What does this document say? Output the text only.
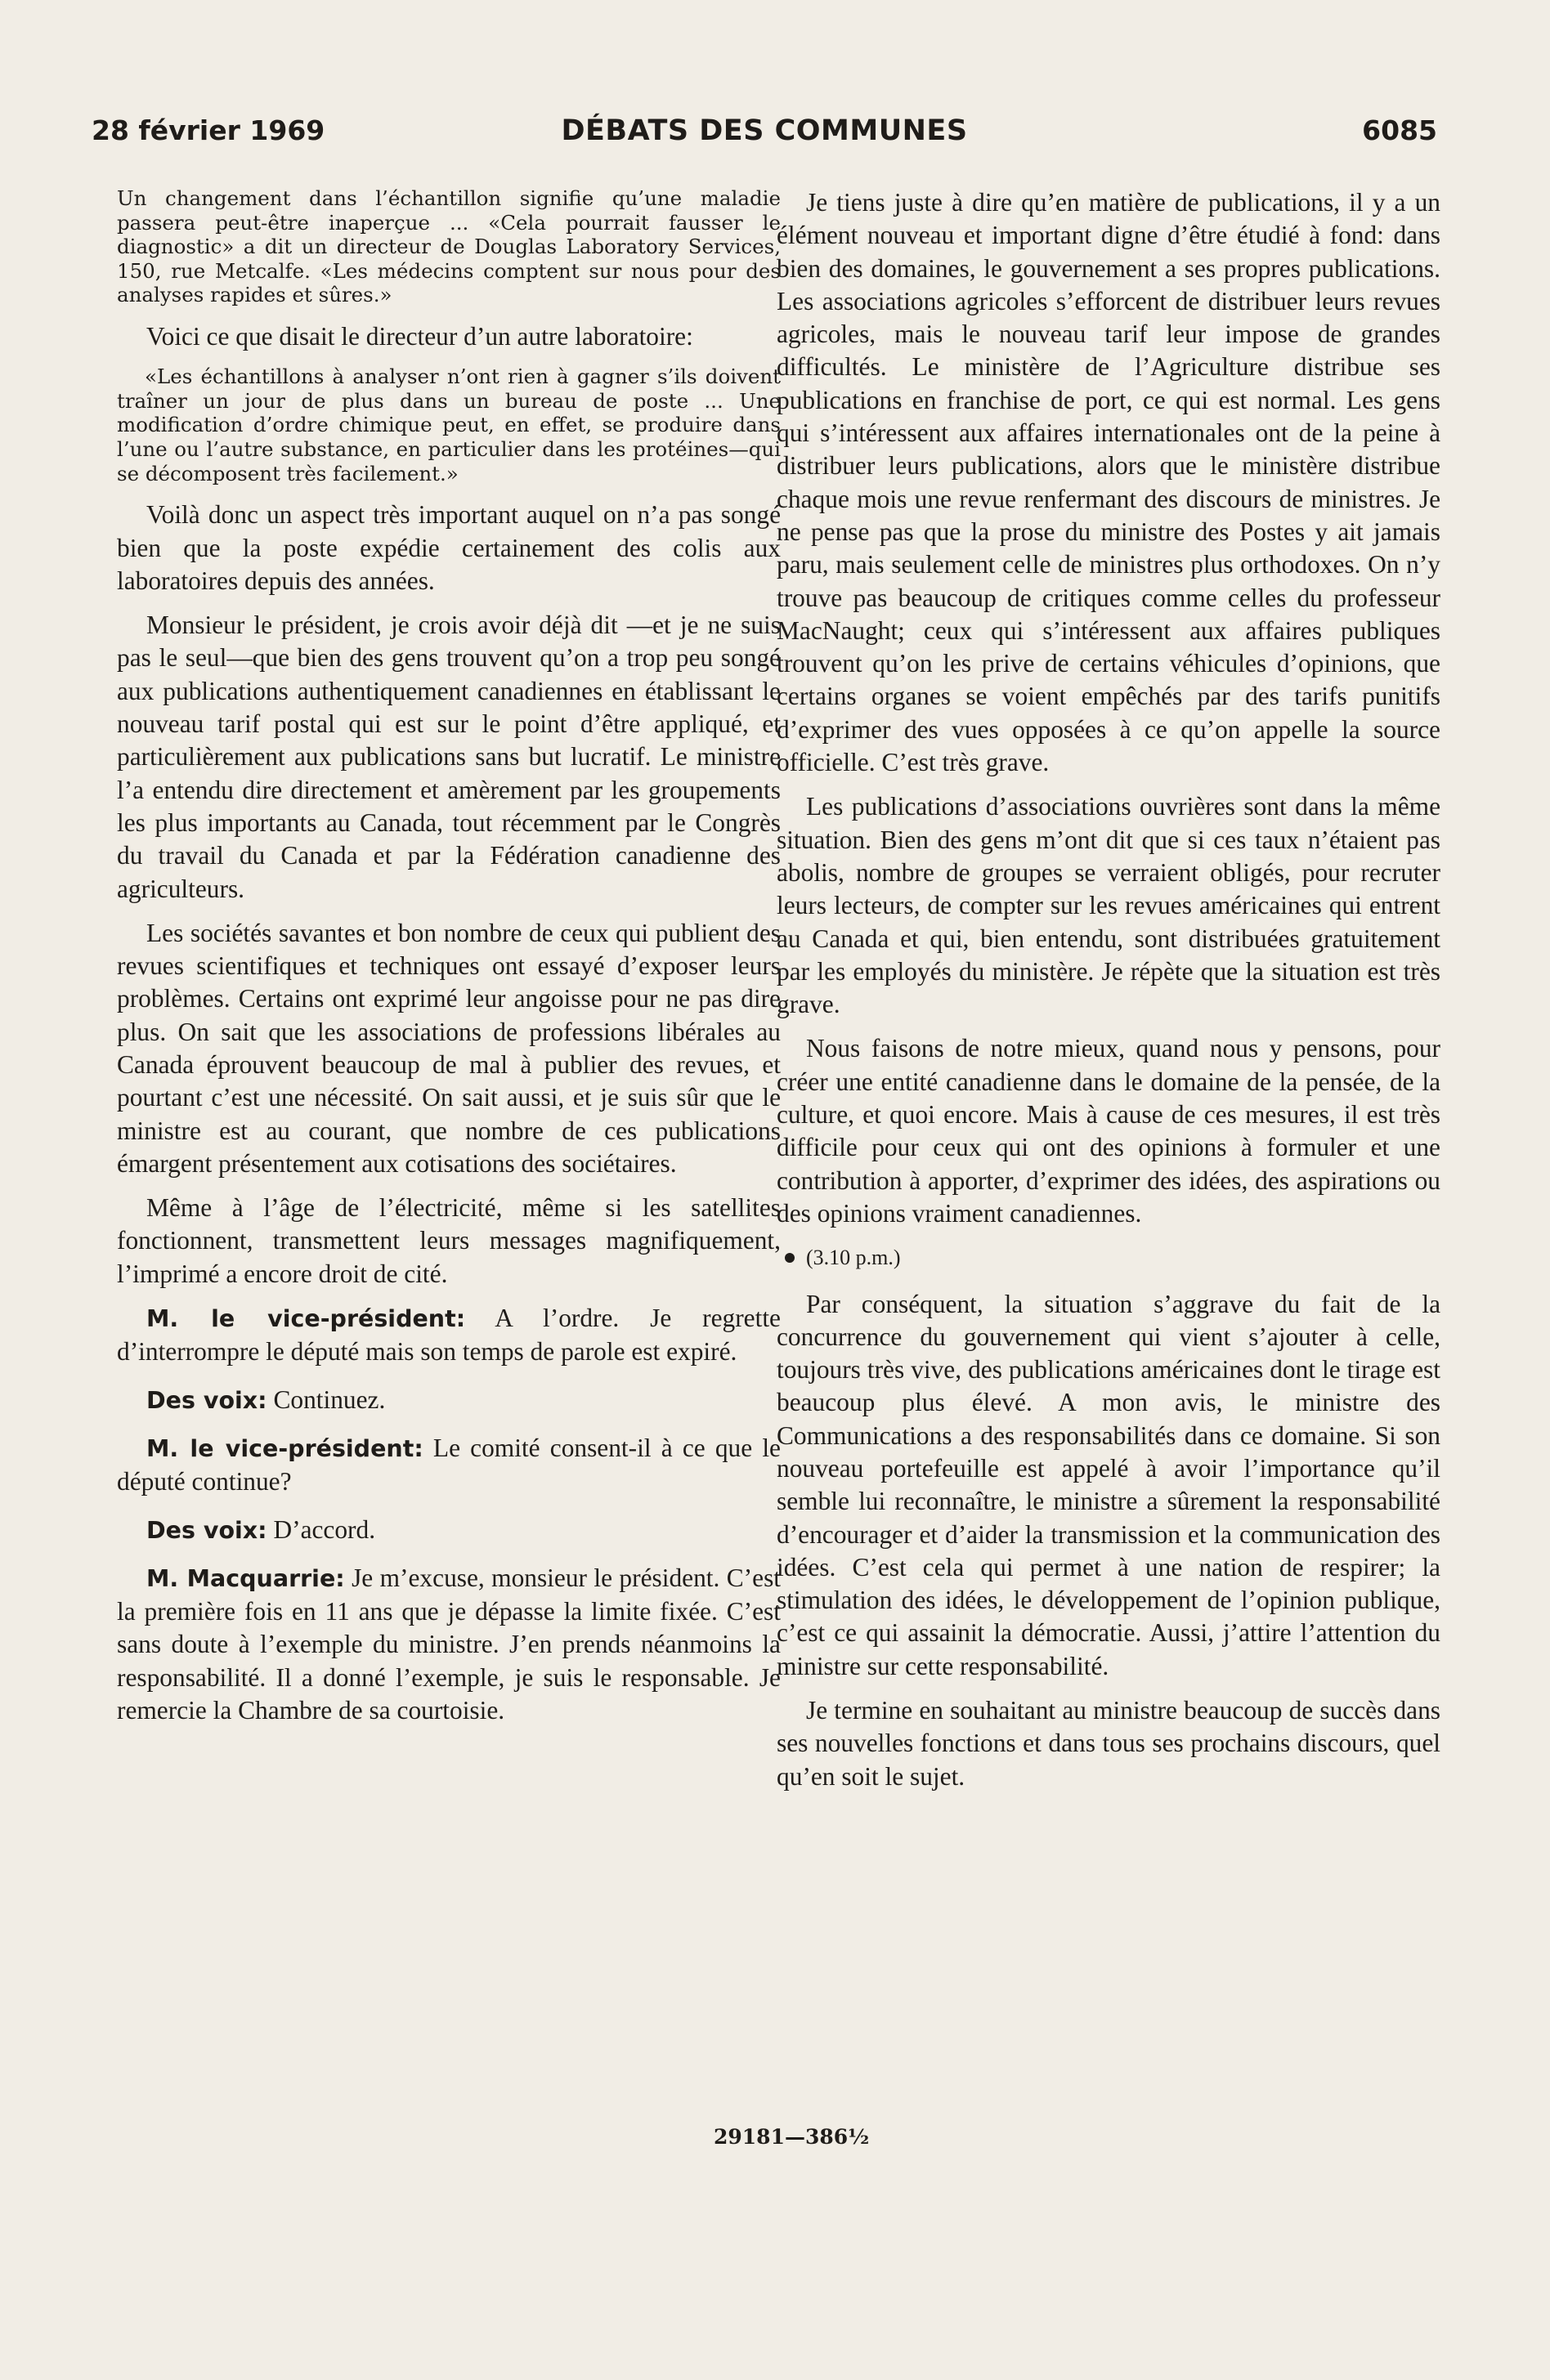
28 février 1969	DÉBATS DES COMMUNES	6085

Un changement dans l’échantillon signifie qu’une maladie passera peut-être inaperçue ... «Cela pourrait fausser le diagnostic» a dit un directeur de Douglas Laboratory Services, 150, rue Metcalfe. «Les médecins comptent sur nous pour des analyses rapides et sûres.»

Voici ce que disait le directeur d’un autre laboratoire:

«Les échantillons à analyser n’ont rien à gagner s’ils doivent traîner un jour de plus dans un bureau de poste ... Une modification d’ordre chimique peut, en effet, se produire dans l’une ou l’autre substance, en particulier dans les protéines—qui se décomposent très facilement.»

Voilà donc un aspect très important auquel on n’a pas songé bien que la poste expédie certainement des colis aux laboratoires depuis des années.

Monsieur le président, je crois avoir déjà dit —et je ne suis pas le seul—que bien des gens trouvent qu’on a trop peu songé aux publications authentiquement canadiennes en établissant le nouveau tarif postal qui est sur le point d’être appliqué, et particulièrement aux publications sans but lucratif. Le ministre l’a entendu dire directement et amèrement par les groupements les plus importants au Canada, tout récemment par le Congrès du travail du Canada et par la Fédération canadienne des agriculteurs.

Les sociétés savantes et bon nombre de ceux qui publient des revues scientifiques et techniques ont essayé d’exposer leurs problèmes. Certains ont exprimé leur angoisse pour ne pas dire plus. On sait que les associations de professions libérales au Canada éprouvent beaucoup de mal à publier des revues, et pourtant c’est une nécessité. On sait aussi, et je suis sûr que le ministre est au courant, que nombre de ces publications émargent présentement aux cotisations des sociétaires.

Même à l’âge de l’électricité, même si les satellites fonctionnent, transmettent leurs messages magnifiquement, l’imprimé a encore droit de cité.

M. le vice-président: A l’ordre. Je regrette d’interrompre le député mais son temps de parole est expiré.

Des voix: Continuez.

M. le vice-président: Le comité consent-il à ce que le député continue?

Des voix: D’accord.

M. Macquarrie: Je m’excuse, monsieur le président. C’est la première fois en 11 ans que je dépasse la limite fixée. C’est sans doute à l’exemple du ministre. J’en prends néanmoins la responsabilité. Il a donné l’exemple, je suis le responsable. Je remercie la Chambre de sa courtoisie.

Je tiens juste à dire qu’en matière de publications, il y a un élément nouveau et important digne d’être étudié à fond: dans bien des domaines, le gouvernement a ses propres publications. Les associations agricoles s’efforcent de distribuer leurs revues agricoles, mais le nouveau tarif leur impose de grandes difficultés. Le ministère de l’Agriculture distribue ses publications en franchise de port, ce qui est normal. Les gens qui s’intéressent aux affaires internationales ont de la peine à distribuer leurs publications, alors que le ministère distribue chaque mois une revue renfermant des discours de ministres. Je ne pense pas que la prose du ministre des Postes y ait jamais paru, mais seulement celle de ministres plus orthodoxes. On n’y trouve pas beaucoup de critiques comme celles du professeur MacNaught; ceux qui s’intéressent aux affaires publiques trouvent qu’on les prive de certains véhicules d’opinions, que certains organes se voient empêchés par des tarifs punitifs d’exprimer des vues opposées à ce qu’on appelle la source officielle. C’est très grave.

Les publications d’associations ouvrières sont dans la même situation. Bien des gens m’ont dit que si ces taux n’étaient pas abolis, nombre de groupes se verraient obligés, pour recruter leurs lecteurs, de compter sur les revues américaines qui entrent au Canada et qui, bien entendu, sont distribuées gratuitement par les employés du ministère. Je répète que la situation est très grave.

Nous faisons de notre mieux, quand nous y pensons, pour créer une entité canadienne dans le domaine de la pensée, de la culture, et quoi encore. Mais à cause de ces mesures, il est très difficile pour ceux qui ont des opinions à formuler et une contribution à apporter, d’exprimer des idées, des aspirations ou des opinions vraiment canadiennes.

(3.10 p.m.)

Par conséquent, la situation s’aggrave du fait de la concurrence du gouvernement qui vient s’ajouter à celle, toujours très vive, des publications américaines dont le tirage est beaucoup plus élevé. A mon avis, le ministre des Communications a des responsabilités dans ce domaine. Si son nouveau portefeuille est appelé à avoir l’importance qu’il semble lui reconnaître, le ministre a sûrement la responsabilité d’encourager et d’aider la transmission et la communication des idées. C’est cela qui permet à une nation de respirer; la stimulation des idées, le développement de l’opinion publique, c’est ce qui assainit la démocratie. Aussi, j’attire l’attention du ministre sur cette responsabilité.

Je termine en souhaitant au ministre beaucoup de succès dans ses nouvelles fonctions et dans tous ses prochains discours, quel qu’en soit le sujet.

29181—386½
